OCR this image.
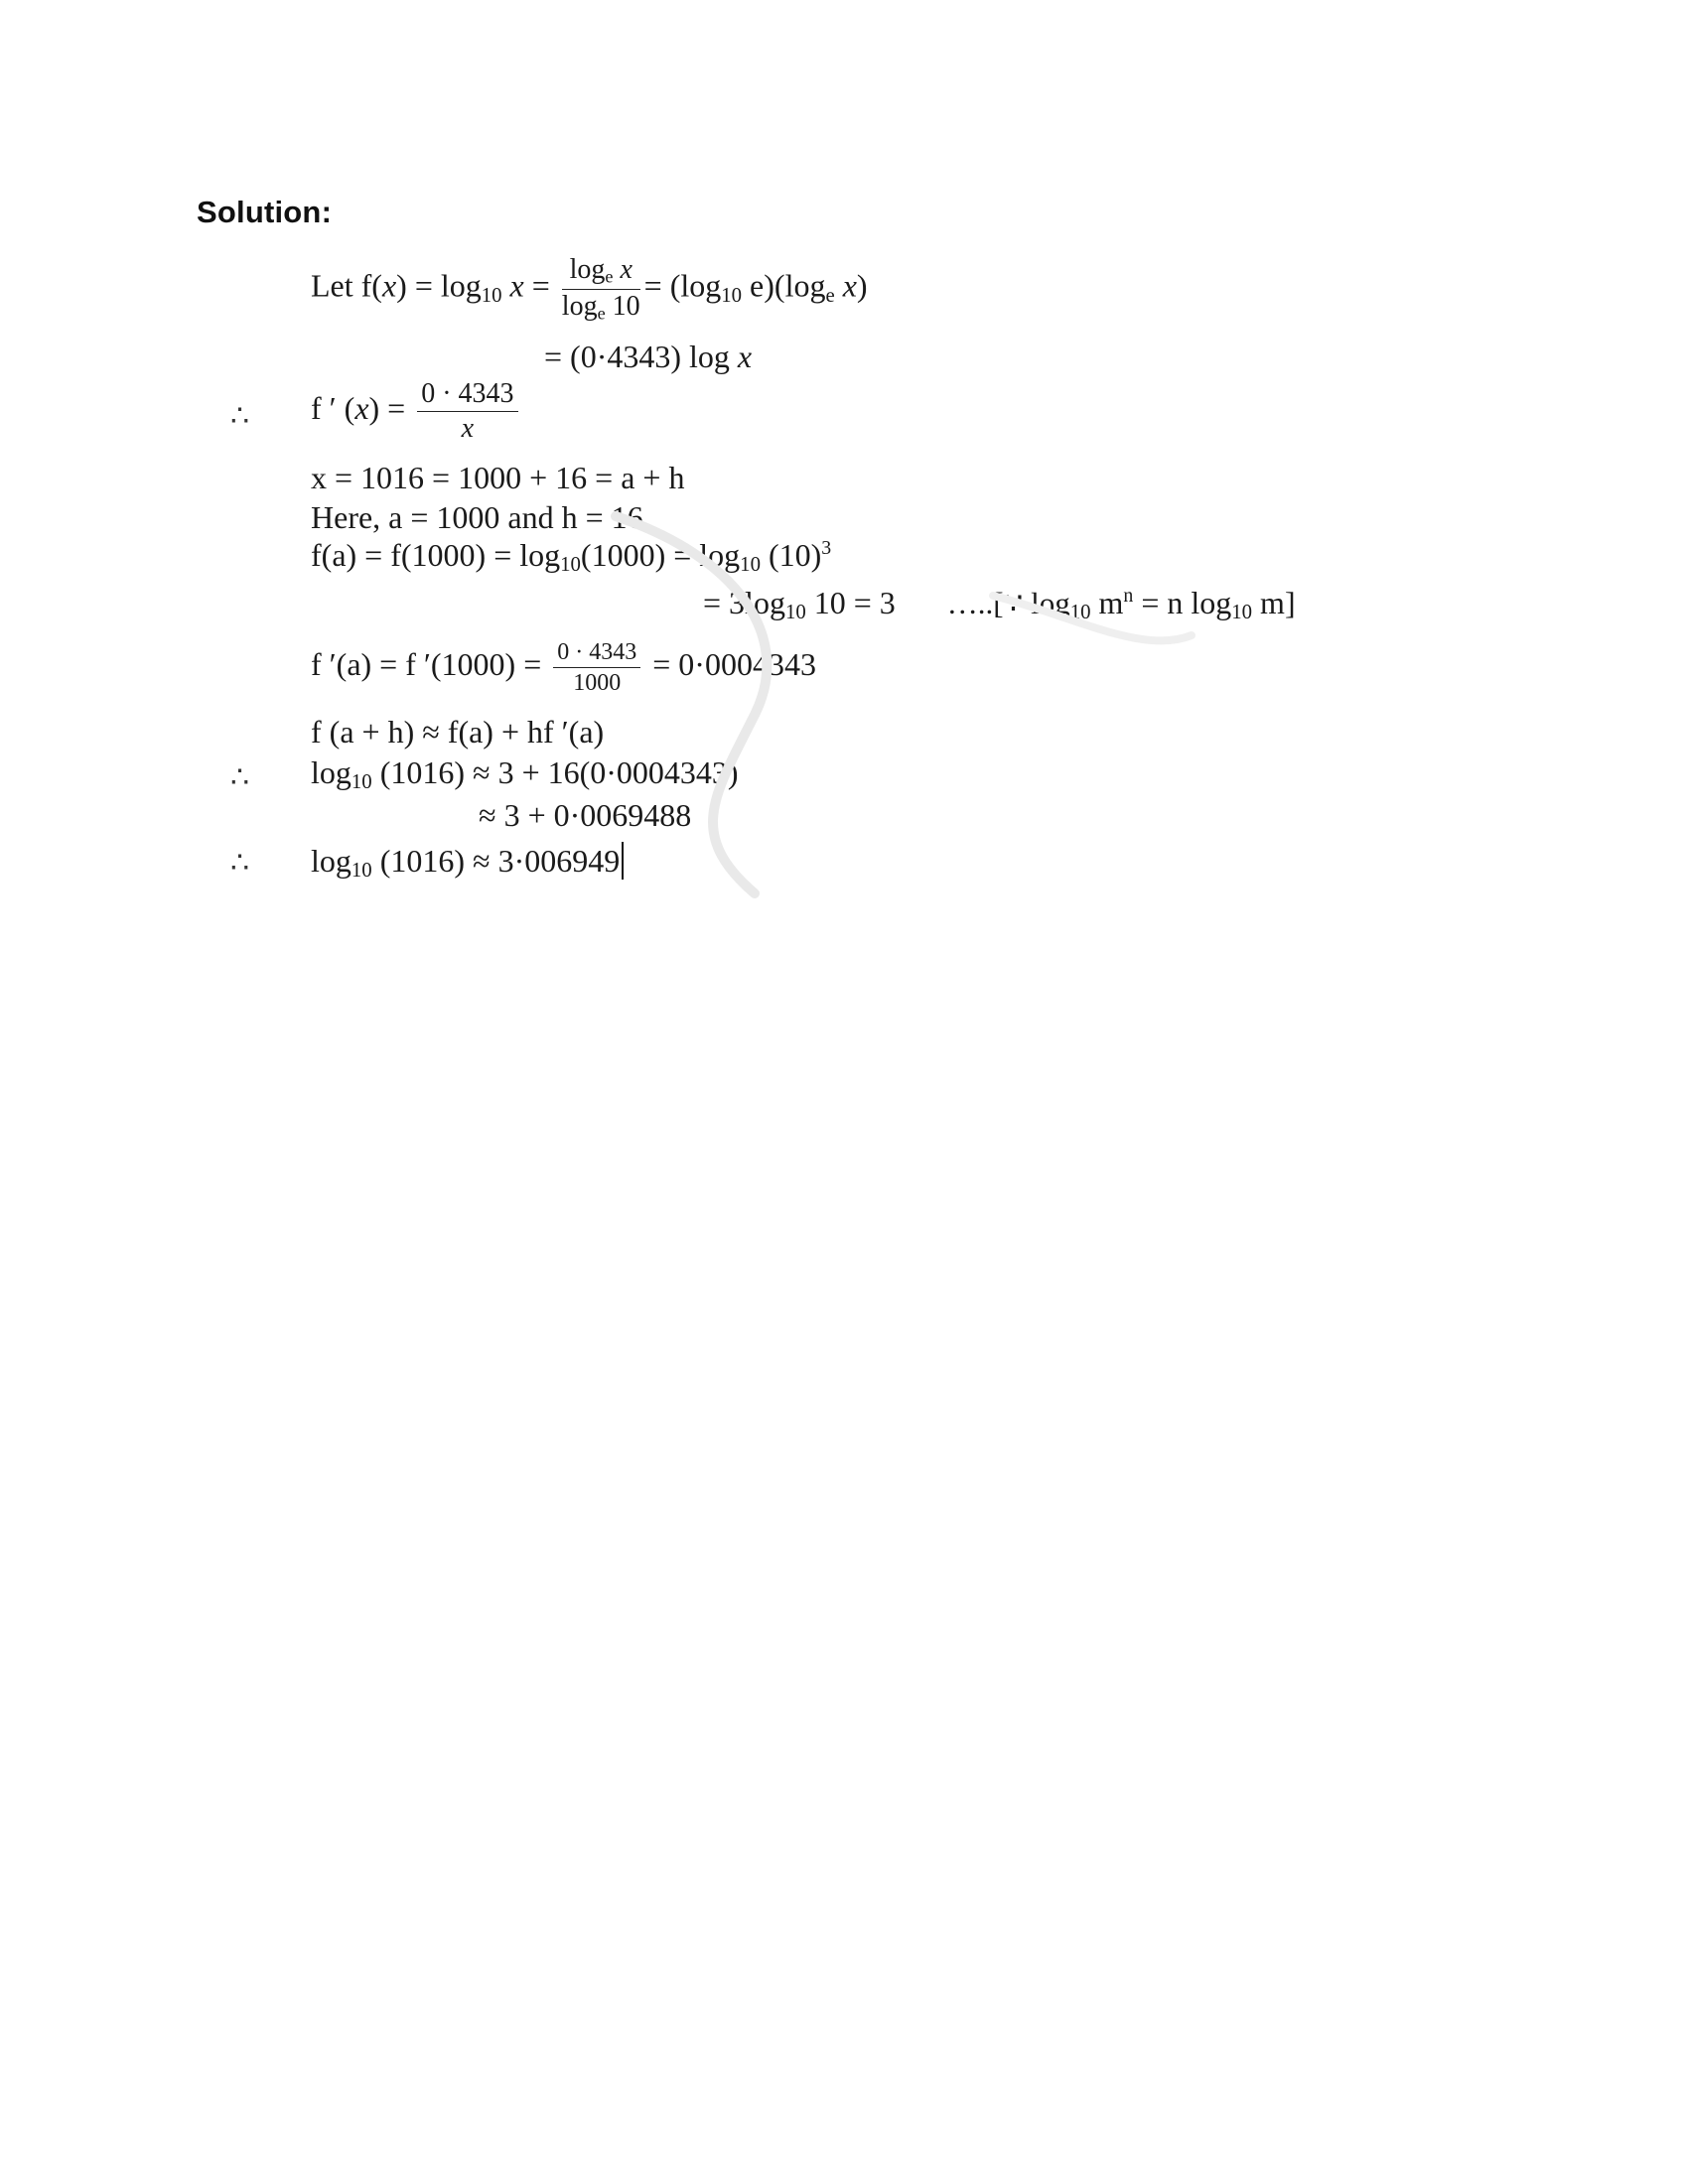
Solution:
Let $f(x) = \log_{10} x = \frac{\log_e x}{\log_e 10} = (\log_{10}$ $e)(\log_e$ x)
= (0·4343) log x
∴ f ′ $(x) = \frac{0 \cdot 4343}{x}$
x = 1016 = 1000 + 16 = a + h
Here, a = 1000 and h = 16
$f(a) = f(1000) = \log_{10}(1000) = \log_{10} (10)^3$
= $3\log_{10}$ 10 = 3 …..[∵ $\log_{10} m^n = n$ $\log_{10} m$]
f ′(a) = f $'(1000) = \frac{0 \cdot 4343}{1000} = 0\cdot 0004343$
f (a + h) ≈ f(a) + hf ′(a)
∴ $\log_{10} (1016) \approx 3 + 16(0\cdot 0004343)$
≈ 3 + 0·0069488
∴ $\log_{10} (1016) \approx 3\cdot 006949$
